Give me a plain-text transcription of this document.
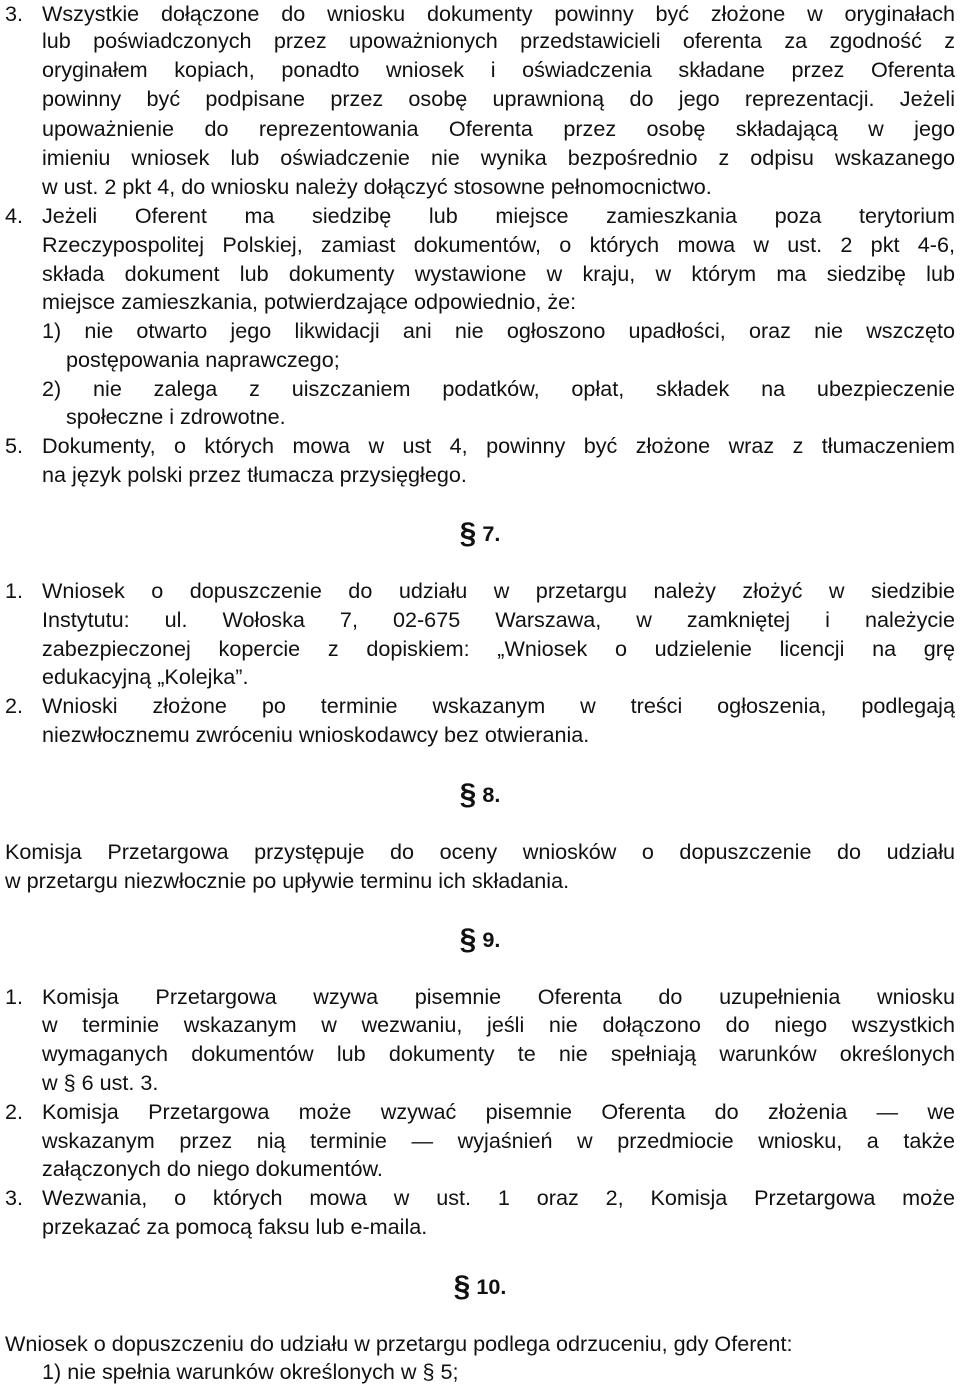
3. Wszystkie dołączone do wniosku dokumenty powinny być złożone w oryginałach
lub poświadczonych przez upoważnionych przedstawicieli oferenta za zgodność z
oryginałem kopiach, ponadto wniosek i oświadczenia składane przez Oferenta
powinny być podpisane przez osobę uprawnioną do jego reprezentacji. Jeżeli
upoważnienie do reprezentowania Oferenta przez osobę składającą w jego
imieniu wniosek lub oświadczenie nie wynika bezpośrednio z odpisu wskazanego
w ust. 2 pkt 4, do wniosku należy dołączyć stosowne pełnomocnictwo.
4. Jeżeli Oferent ma siedzibę lub miejsce zamieszkania poza terytorium
Rzeczypospolitej Polskiej, zamiast dokumentów, o których mowa w ust. 2 pkt 4-6,
składa dokument lub dokumenty wystawione w kraju, w którym ma siedzibę lub
miejsce zamieszkania, potwierdzające odpowiednio, że:
1) nie otwarto jego likwidacji ani nie ogłoszono upadłości, oraz nie wszczęto
postępowania naprawczego;
2) nie zalega z uiszczaniem podatków, opłat, składek na ubezpieczenie
społeczne i zdrowotne.
5. Dokumenty, o których mowa w ust 4, powinny być złożone wraz z tłumaczeniem
na język polski przez tłumacza przysięgłego.
1. Wniosek o dopuszczenie do udziału w przetargu należy złożyć w siedzibie
Instytutu: ul. Wołoska 7, 02-675 Warszawa, w zamkniętej i należycie
zabezpieczonej kopercie z dopiskiem: „Wniosek o udzielenie licencji na grę
edukacyjną „Kolejka”.
2. Wnioski złożone po terminie wskazanym w treści ogłoszenia, podlegają
niezwłocznemu zwróceniu wnioskodawcy bez otwierania.
Komisja Przetargowa przystępuje do oceny wniosków o dopuszczenie do udziału
w przetargu niezwłocznie po upływie terminu ich składania.
1. Komisja Przetargowa wzywa pisemnie Oferenta do uzupełnienia wniosku
w terminie wskazanym w wezwaniu, jeśli nie dołączono do niego wszystkich
wymaganych dokumentów lub dokumenty te nie spełniają warunków określonych
w § 6 ust. 3.
2. Komisja Przetargowa może wzywać pisemnie Oferenta do złożenia — we
wskazanym przez nią terminie — wyjaśnień w przedmiocie wniosku, a także
załączonych do niego dokumentów.
3. Wezwania, o których mowa w ust. 1 oraz 2, Komisja Przetargowa może
przekazać za pomocą faksu lub e-maila.
Wniosek o dopuszczeniu do udziału w przetargu podlega odrzuceniu, gdy Oferent:
1) nie spełnia warunków określonych w § 5;
§ 7.
§ 8.
§ 9.
§ 10.
